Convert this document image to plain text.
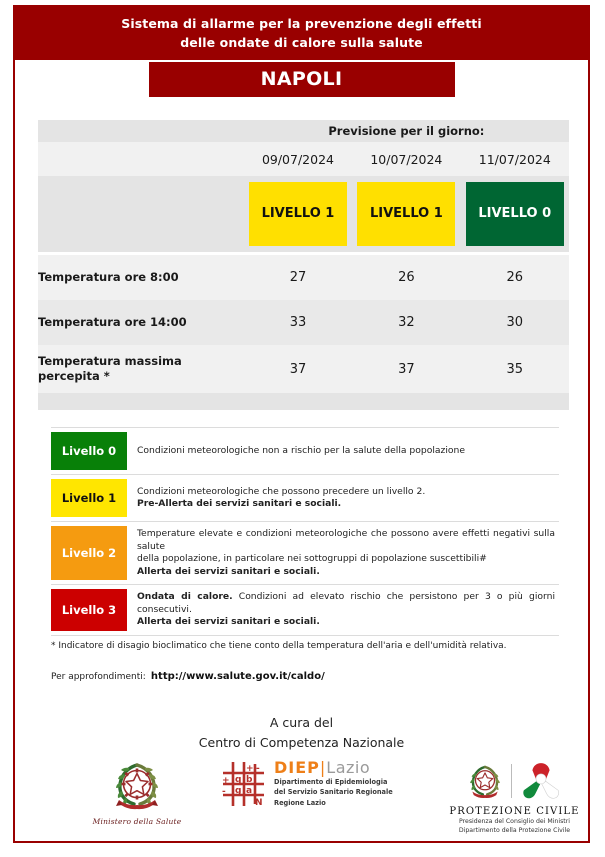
Sistema di allarme per la prevenzione degli effetti
delle ondate di calore sulla salute
NAPOLI
	Previsione per il giorno:		
	09/07/2024	10/07/2024	11/07/2024
	LIVELLO 1	LIVELLO 1	LIVELLO 0

Temperatura ore 8:00	27	26	26
Temperatura ore 14:00	33	32	30
Temperatura massima percepita *	37	37	35

Livello 0	Condizioni meteorologiche non a rischio per la salute della popolazione
Livello 1	Condizioni meteorologiche che possono precedere un livello 2.
Pre-Allerta dei servizi sanitari e sociali.
Livello 2
Temperature elevate e condizioni meteorologiche che possono avere effetti negativi sulla salute
della popolazione, in particolare nei sottogruppi di popolazione suscettibili#
Allerta dei servizi sanitari e sociali.
Livello 3
Ondata di calore. Condizioni ad elevato rischio che persistono per 3 o più giorni consecutivi.
Allerta dei servizi sanitari e sociali.
* Indicatore di disagio bioclimatico che tiene conto della temperatura dell'aria e dell'umidità relativa.
Per approfondimenti: http://www.salute.gov.it/caldo/
A cura del
Centro di Competenza Nazionale
Ministero della Salute
+ -
+
-
q
g
b
a
N
DIEP|Lazio
Dipartimento di Epidemiologia
del Servizio Sanitario Regionale
Regione Lazio
PROTEZIONE CIVILE
Presidenza del Consiglio dei Ministri
Dipartimento della Protezione Civile
